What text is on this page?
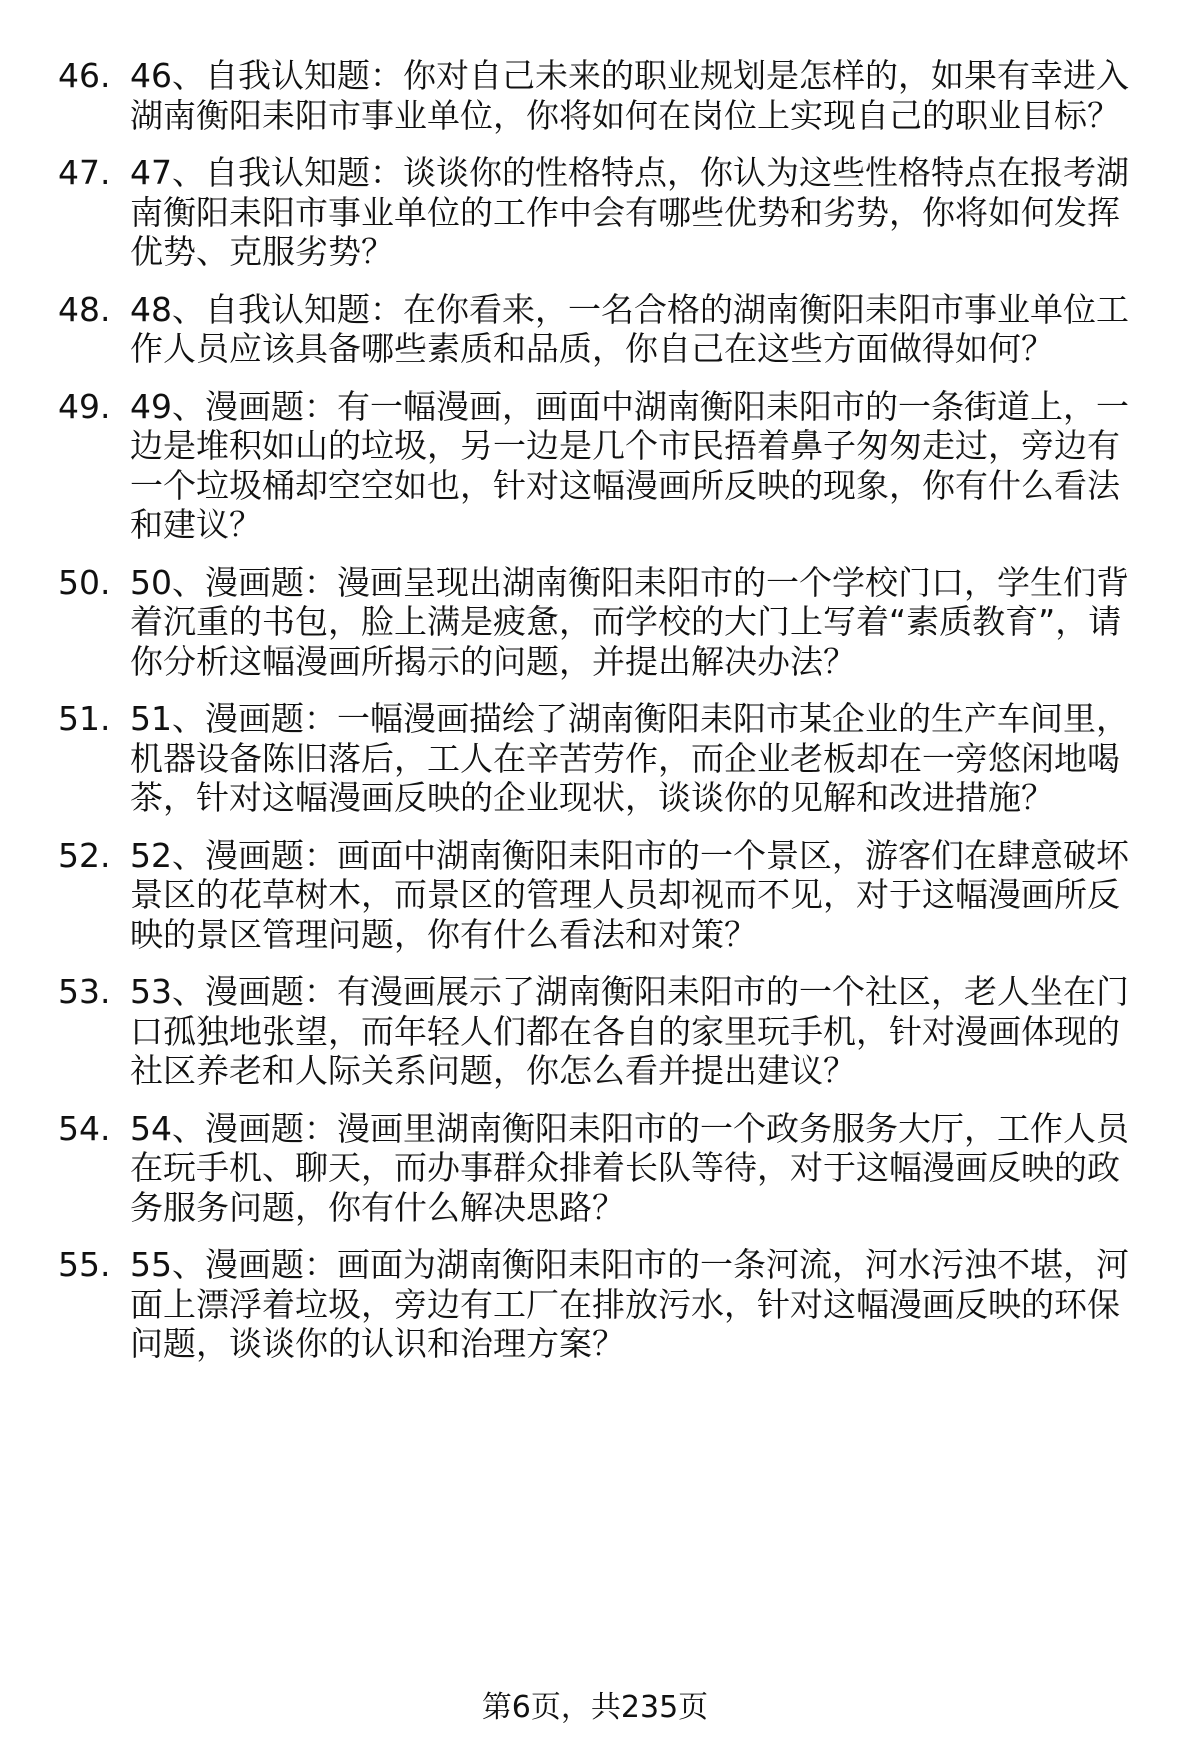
46. 46、自我认知题：你对自己未来的职业规划是怎样的，如果有幸进入湖南衡阳耒阳市事业单位，你将如何在岗位上实现自己的职业目标？
47. 47、自我认知题：谈谈你的性格特点，你认为这些性格特点在报考湖南衡阳耒阳市事业单位的工作中会有哪些优势和劣势，你将如何发挥优势、克服劣势？
48. 48、自我认知题：在你看来，一名合格的湖南衡阳耒阳市事业单位工作人员应该具备哪些素质和品质，你自己在这些方面做得如何？
49. 49、漫画题：有一幅漫画，画面中湖南衡阳耒阳市的一条街道上，一边是堆积如山的垃圾，另一边是几个市民捂着鼻子匆匆走过，旁边有一个垃圾桶却空空如也，针对这幅漫画所反映的现象，你有什么看法和建议？
50. 50、漫画题：漫画呈现出湖南衡阳耒阳市的一个学校门口，学生们背着沉重的书包，脸上满是疲惫，而学校的大门上写着“素质教育”，请你分析这幅漫画所揭示的问题，并提出解决办法？
51. 51、漫画题：一幅漫画描绘了湖南衡阳耒阳市某企业的生产车间里，机器设备陈旧落后，工人在辛苦劳作，而企业老板却在一旁悠闲地喝茶，针对这幅漫画反映的企业现状，谈谈你的见解和改进措施？
52. 52、漫画题：画面中湖南衡阳耒阳市的一个景区，游客们在肆意破坏景区的花草树木，而景区的管理人员却视而不见，对于这幅漫画所反映的景区管理问题，你有什么看法和对策？
53. 53、漫画题：有漫画展示了湖南衡阳耒阳市的一个社区，老人坐在门口孤独地张望，而年轻人们都在各自的家里玩手机，针对漫画体现的社区养老和人际关系问题，你怎么看并提出建议？
54. 54、漫画题：漫画里湖南衡阳耒阳市的一个政务服务大厅，工作人员在玩手机、聊天，而办事群众排着长队等待，对于这幅漫画反映的政务服务问题，你有什么解决思路？
55. 55、漫画题：画面为湖南衡阳耒阳市的一条河流，河水污浊不堪，河面上漂浮着垃圾，旁边有工厂在排放污水，针对这幅漫画反映的环保问题，谈谈你的认识和治理方案？
第6页，共235页
